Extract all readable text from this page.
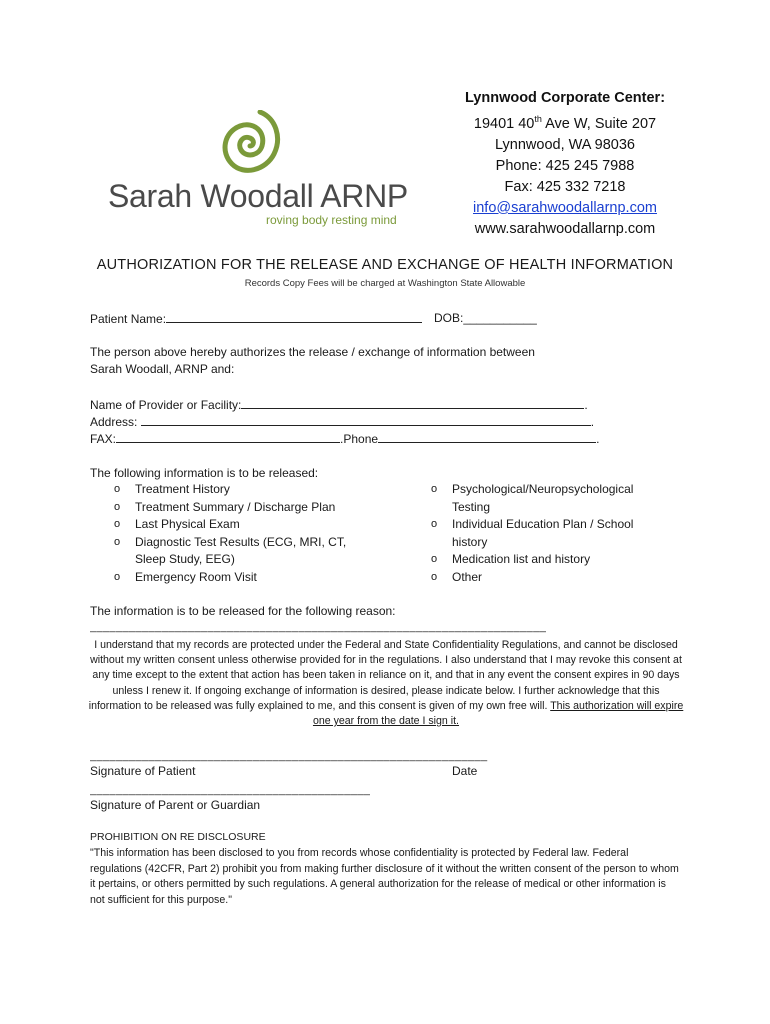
Sarah Woodall ARNP
roving body resting mind
Lynnwood Corporate Center:
19401 40th Ave W, Suite 207
Lynnwood, WA 98036
Phone: 425 245 7988
Fax: 425 332 7218
info@sarahwoodallarnp.com
www.sarahwoodallarnp.com
AUTHORIZATION FOR THE RELEASE AND EXCHANGE OF HEALTH INFORMATION
Records Copy Fees will be charged at Washington State Allowable
Patient Name:	DOB:___________
The person above hereby authorizes the release / exchange of information between
Sarah Woodall, ARNP and:
Name of Provider or Facility:	.
Address:	.
FAX:	.Phone	.
The following information is to be released:
o Treatment History
o Treatment Summary / Discharge Plan
o Last Physical Exam
o Diagnostic Test Results (ECG, MRI, CT,
Sleep Study, EEG)
o Emergency Room Visit
o Psychological/Neuropsychological
Testing
o Individual Education Plan / School
history
o Medication list and history
o Other
The information is to be released for the following reason:
______________________________________________________________________
I understand that my records are protected under the Federal and State Confidentiality Regulations, and cannot be disclosed without my written consent unless otherwise provided for in the regulations. I also understand that I may revoke this consent at any time except to the extent that action has been taken in reliance on it, and that in any event the consent expires in 90 days unless I renew it. If ongoing exchange of information is desired, please indicate below. I further acknowledge that this information to be released was fully explained to me, and this consent is given of my own free will. This authorization will expire one year from the date I sign it.
_____________________________________________________________
Signature of Patient	Date
___________________________________________
Signature of Parent or Guardian
PROHIBITION ON RE DISCLOSURE
"This information has been disclosed to you from records whose confidentiality is protected by Federal law. Federal regulations (42CFR, Part 2) prohibit you from making further disclosure of it without the written consent of the person to whom it pertains, or others permitted by such regulations. A general authorization for the release of medical or other information is not sufficient for this purpose."
